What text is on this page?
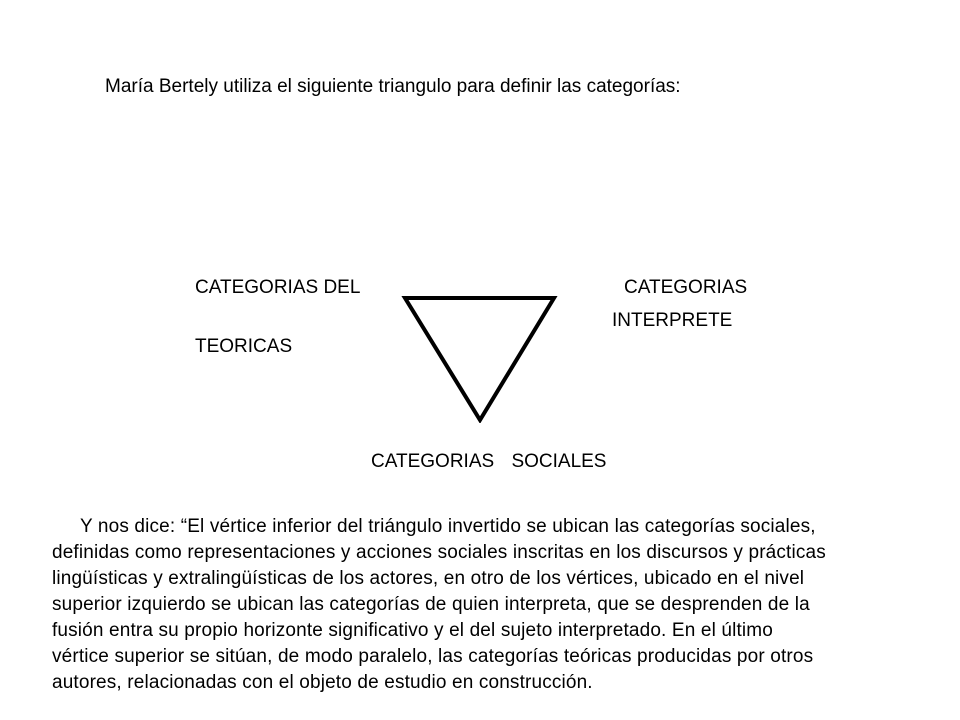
María Bertely utiliza el siguiente triangulo para definir las categorías:
CATEGORIAS DEL
TEORICAS
CATEGORIAS
INTERPRETE
CATEGORIAS SOCIALES
Y nos dice: “El vértice inferior del triángulo invertido se ubican las categorías sociales,
definidas como representaciones y acciones sociales inscritas en los discursos y prácticas
lingüísticas y extralingüísticas de los actores, en otro de los vértices, ubicado en el nivel
superior izquierdo se ubican las categorías de quien interpreta, que se desprenden de la
fusión entra su propio horizonte significativo y el del sujeto interpretado. En el último
vértice superior se sitúan, de modo paralelo, las categorías teóricas producidas por otros
autores, relacionadas con el objeto de estudio en construcción.
